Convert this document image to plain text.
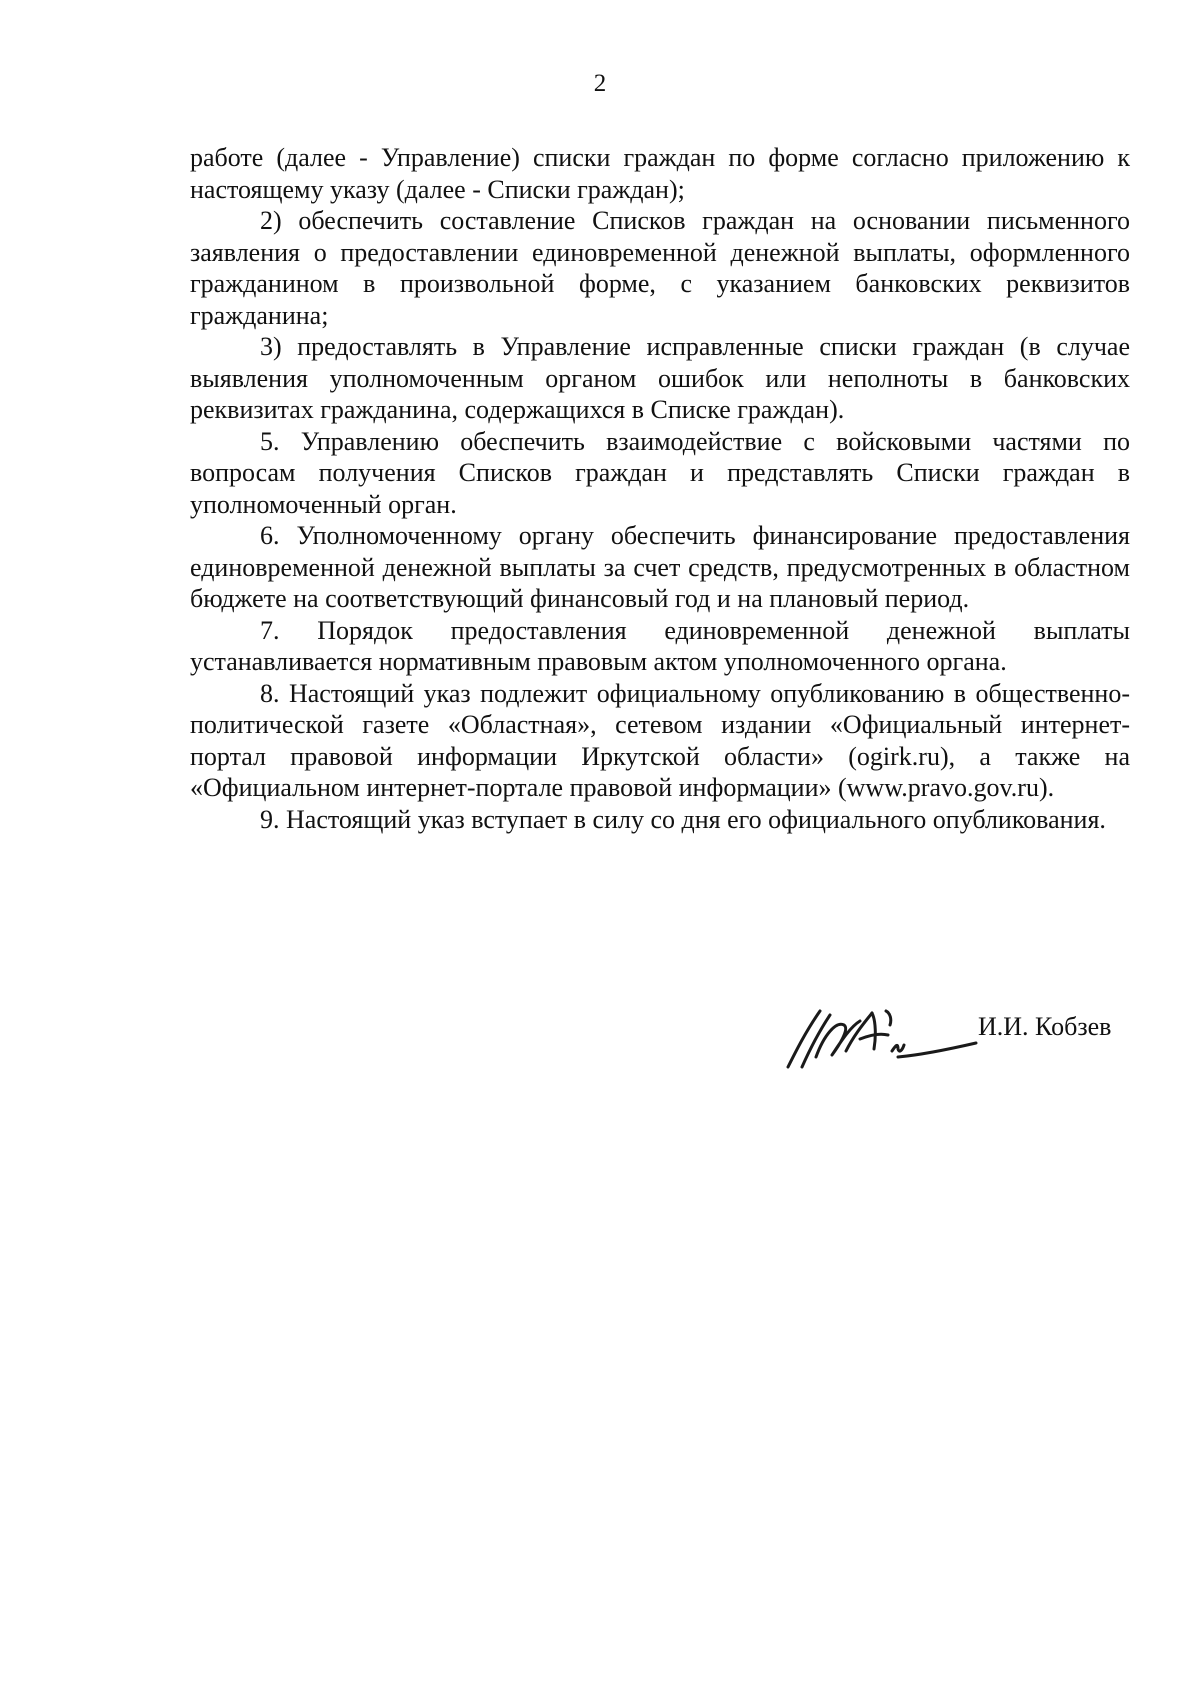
2

работе (далее - Управление) списки граждан по форме согласно приложению к настоящему указу (далее - Списки граждан);

2) обеспечить составление Списков граждан на основании письменного заявления о предоставлении единовременной денежной выплаты, оформленного гражданином в произвольной форме, с указанием банковских реквизитов гражданина;

3) предоставлять в Управление исправленные списки граждан (в случае выявления уполномоченным органом ошибок или неполноты в банковских реквизитах гражданина, содержащихся в Списке граждан).

5. Управлению обеспечить взаимодействие с войсковыми частями по вопросам получения Списков граждан и представлять Списки граждан в уполномоченный орган.

6. Уполномоченному органу обеспечить финансирование предоставления единовременной денежной выплаты за счет средств, предусмотренных в областном бюджете на соответствующий финансовый год и на плановый период.

7. Порядок предоставления единовременной денежной выплаты устанавливается нормативным правовым актом уполномоченного органа.

8. Настоящий указ подлежит официальному опубликованию в общественно-политической газете «Областная», сетевом издании «Официальный интернет-портал правовой информации Иркутской области» (ogirk.ru), а также на «Официальном интернет-портале правовой информации» (www.pravo.gov.ru).

9. Настоящий указ вступает в силу со дня его официального опубликования.

И.И. Кобзев
